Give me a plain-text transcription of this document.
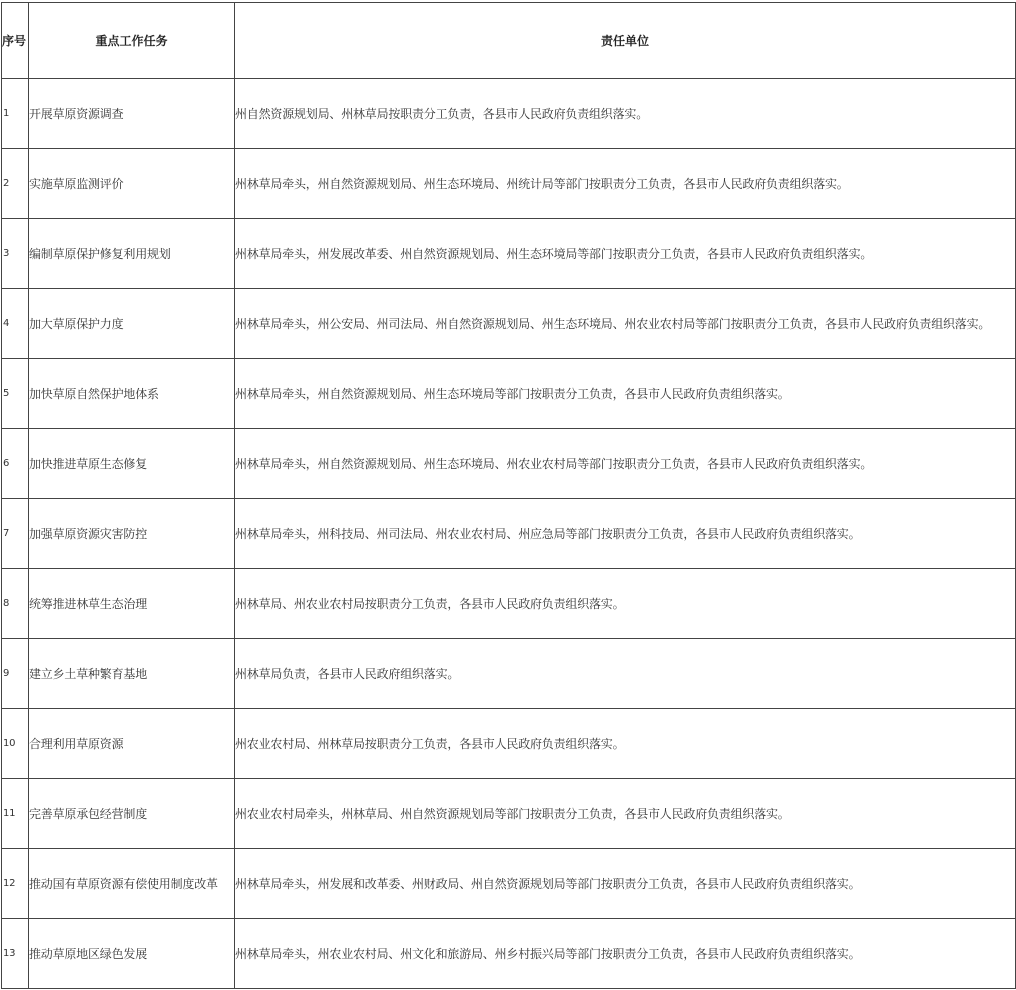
序号	重点工作任务	责任单位
1	开展草原资源调查	州自然资源规划局、州林草局按职责分工负责，各县市人民政府负责组织落实。
2	实施草原监测评价	州林草局牵头，州自然资源规划局、州生态环境局、州统计局等部门按职责分工负责，各县市人民政府负责组织落实。
3	编制草原保护修复利用规划	州林草局牵头，州发展改革委、州自然资源规划局、州生态环境局等部门按职责分工负责，各县市人民政府负责组织落实。
4	加大草原保护力度	州林草局牵头，州公安局、州司法局、州自然资源规划局、州生态环境局、州农业农村局等部门按职责分工负责，各县市人民政府负责组织落实。
5	加快草原自然保护地体系	州林草局牵头，州自然资源规划局、州生态环境局等部门按职责分工负责，各县市人民政府负责组织落实。
6	加快推进草原生态修复	州林草局牵头，州自然资源规划局、州生态环境局、州农业农村局等部门按职责分工负责，各县市人民政府负责组织落实。
7	加强草原资源灾害防控	州林草局牵头，州科技局、州司法局、州农业农村局、州应急局等部门按职责分工负责，各县市人民政府负责组织落实。
8	统筹推进林草生态治理	州林草局、州农业农村局按职责分工负责，各县市人民政府负责组织落实。
9	建立乡土草种繁育基地	州林草局负责，各县市人民政府组织落实。
10	合理利用草原资源	州农业农村局、州林草局按职责分工负责，各县市人民政府负责组织落实。
11	完善草原承包经营制度	州农业农村局牵头，州林草局、州自然资源规划局等部门按职责分工负责，各县市人民政府负责组织落实。
12	推动国有草原资源有偿使用制度改革	州林草局牵头，州发展和改革委、州财政局、州自然资源规划局等部门按职责分工负责，各县市人民政府负责组织落实。
13	推动草原地区绿色发展	州林草局牵头，州农业农村局、州文化和旅游局、州乡村振兴局等部门按职责分工负责，各县市人民政府负责组织落实。
